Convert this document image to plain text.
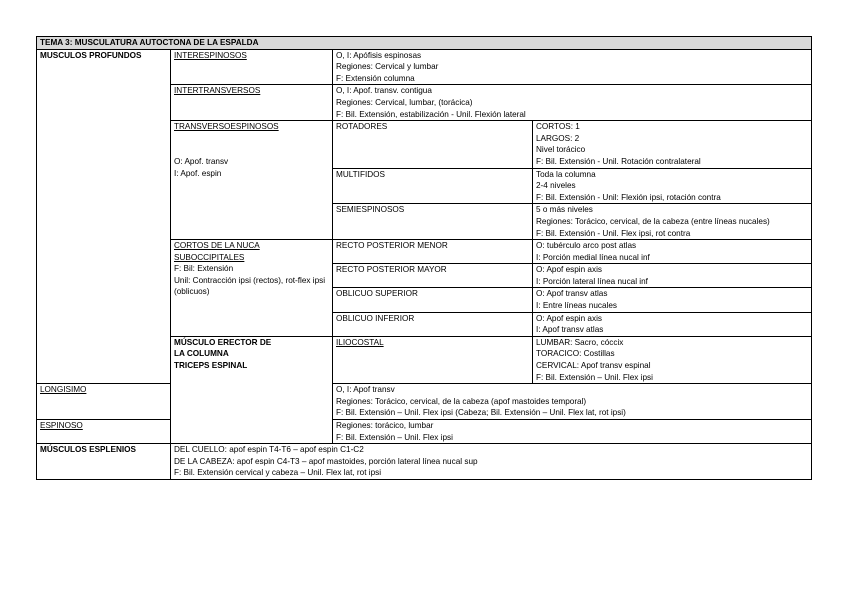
TEMA 3: MUSCULATURA AUTOCTONA DE LA ESPALDA			
MUSCULOS PROFUNDOS	INTERESPINOSOS	O, I: Apófisis espinosas
Regiones: Cervical y lumbar
F: Extensión columna	

	INTERTRANSVERSOS	O, I: Apof. transv. contigua
Regiones: Cervical, lumbar, (torácica)
F: Bil. Extensión, estabilización - Unil. Flexión lateral	

	TRANSVERSOESPINOSOS
O: Apof. transv
I: Apof. espin	ROTADORES	CORTOS: 1
LARGOS: 2
Nivel torácico
F: Bil. Extensión - Unil. Rotación contralateral

		MULTIFIDOS	Toda la columna
2-4 niveles
F: Bil. Extensión - Unil: Flexión ipsi, rotación contra

		SEMIESPINOSOS	5 o más niveles
Regiones: Torácico, cervical, de la cabeza (entre líneas nucales)
F: Bil. Extensión - Unil. Flex ipsi, rot contra

	CORTOS DE LA NUCA
SUBOCCIPITALES
F: Bil: Extensión
Unil: Contracción ipsi (rectos), rot-flex ipsi (oblicuos)	RECTO POSTERIOR MENOR	O: tubérculo arco post atlas
I: Porción medial línea nucal inf

		RECTO POSTERIOR MAYOR	O: Apof espin axis
I: Porción lateral línea nucal inf

		OBLICUO SUPERIOR	O: Apof transv atlas
I: Entre líneas nucales

		OBLICUO INFERIOR	O: Apof espin axis
I: Apof transv atlas

	MÚSCULO ERECTOR DE
LA COLUMNA
TRICEPS ESPINAL	ILIOCOSTAL	LUMBAR: Sacro, cóccix
TORACICO: Costillas
CERVICAL: Apof transv espinal
F: Bil. Extensión – Unil. Flex ipsi

LONGISIMO		O, I: Apof transv
Regiones: Torácico, cervical, de la cabeza (apof mastoides temporal)
F: Bil. Extensión – Unil. Flex ipsi (Cabeza; Bil. Extensión – Unil. Flex lat, rot ipsi)	

ESPINOSO		Regiones: torácico, lumbar
F: Bil. Extensión – Unil. Flex ipsi	

MÚSCULOS ESPLENIOS	DEL CUELLO: apof espin T4-T6 – apof espin C1-C2
DE LA CABEZA: apof espin C4-T3 – apof mastoides, porción lateral línea nucal sup
F: Bil. Extensión cervical y cabeza – Unil. Flex lat, rot ipsi		
